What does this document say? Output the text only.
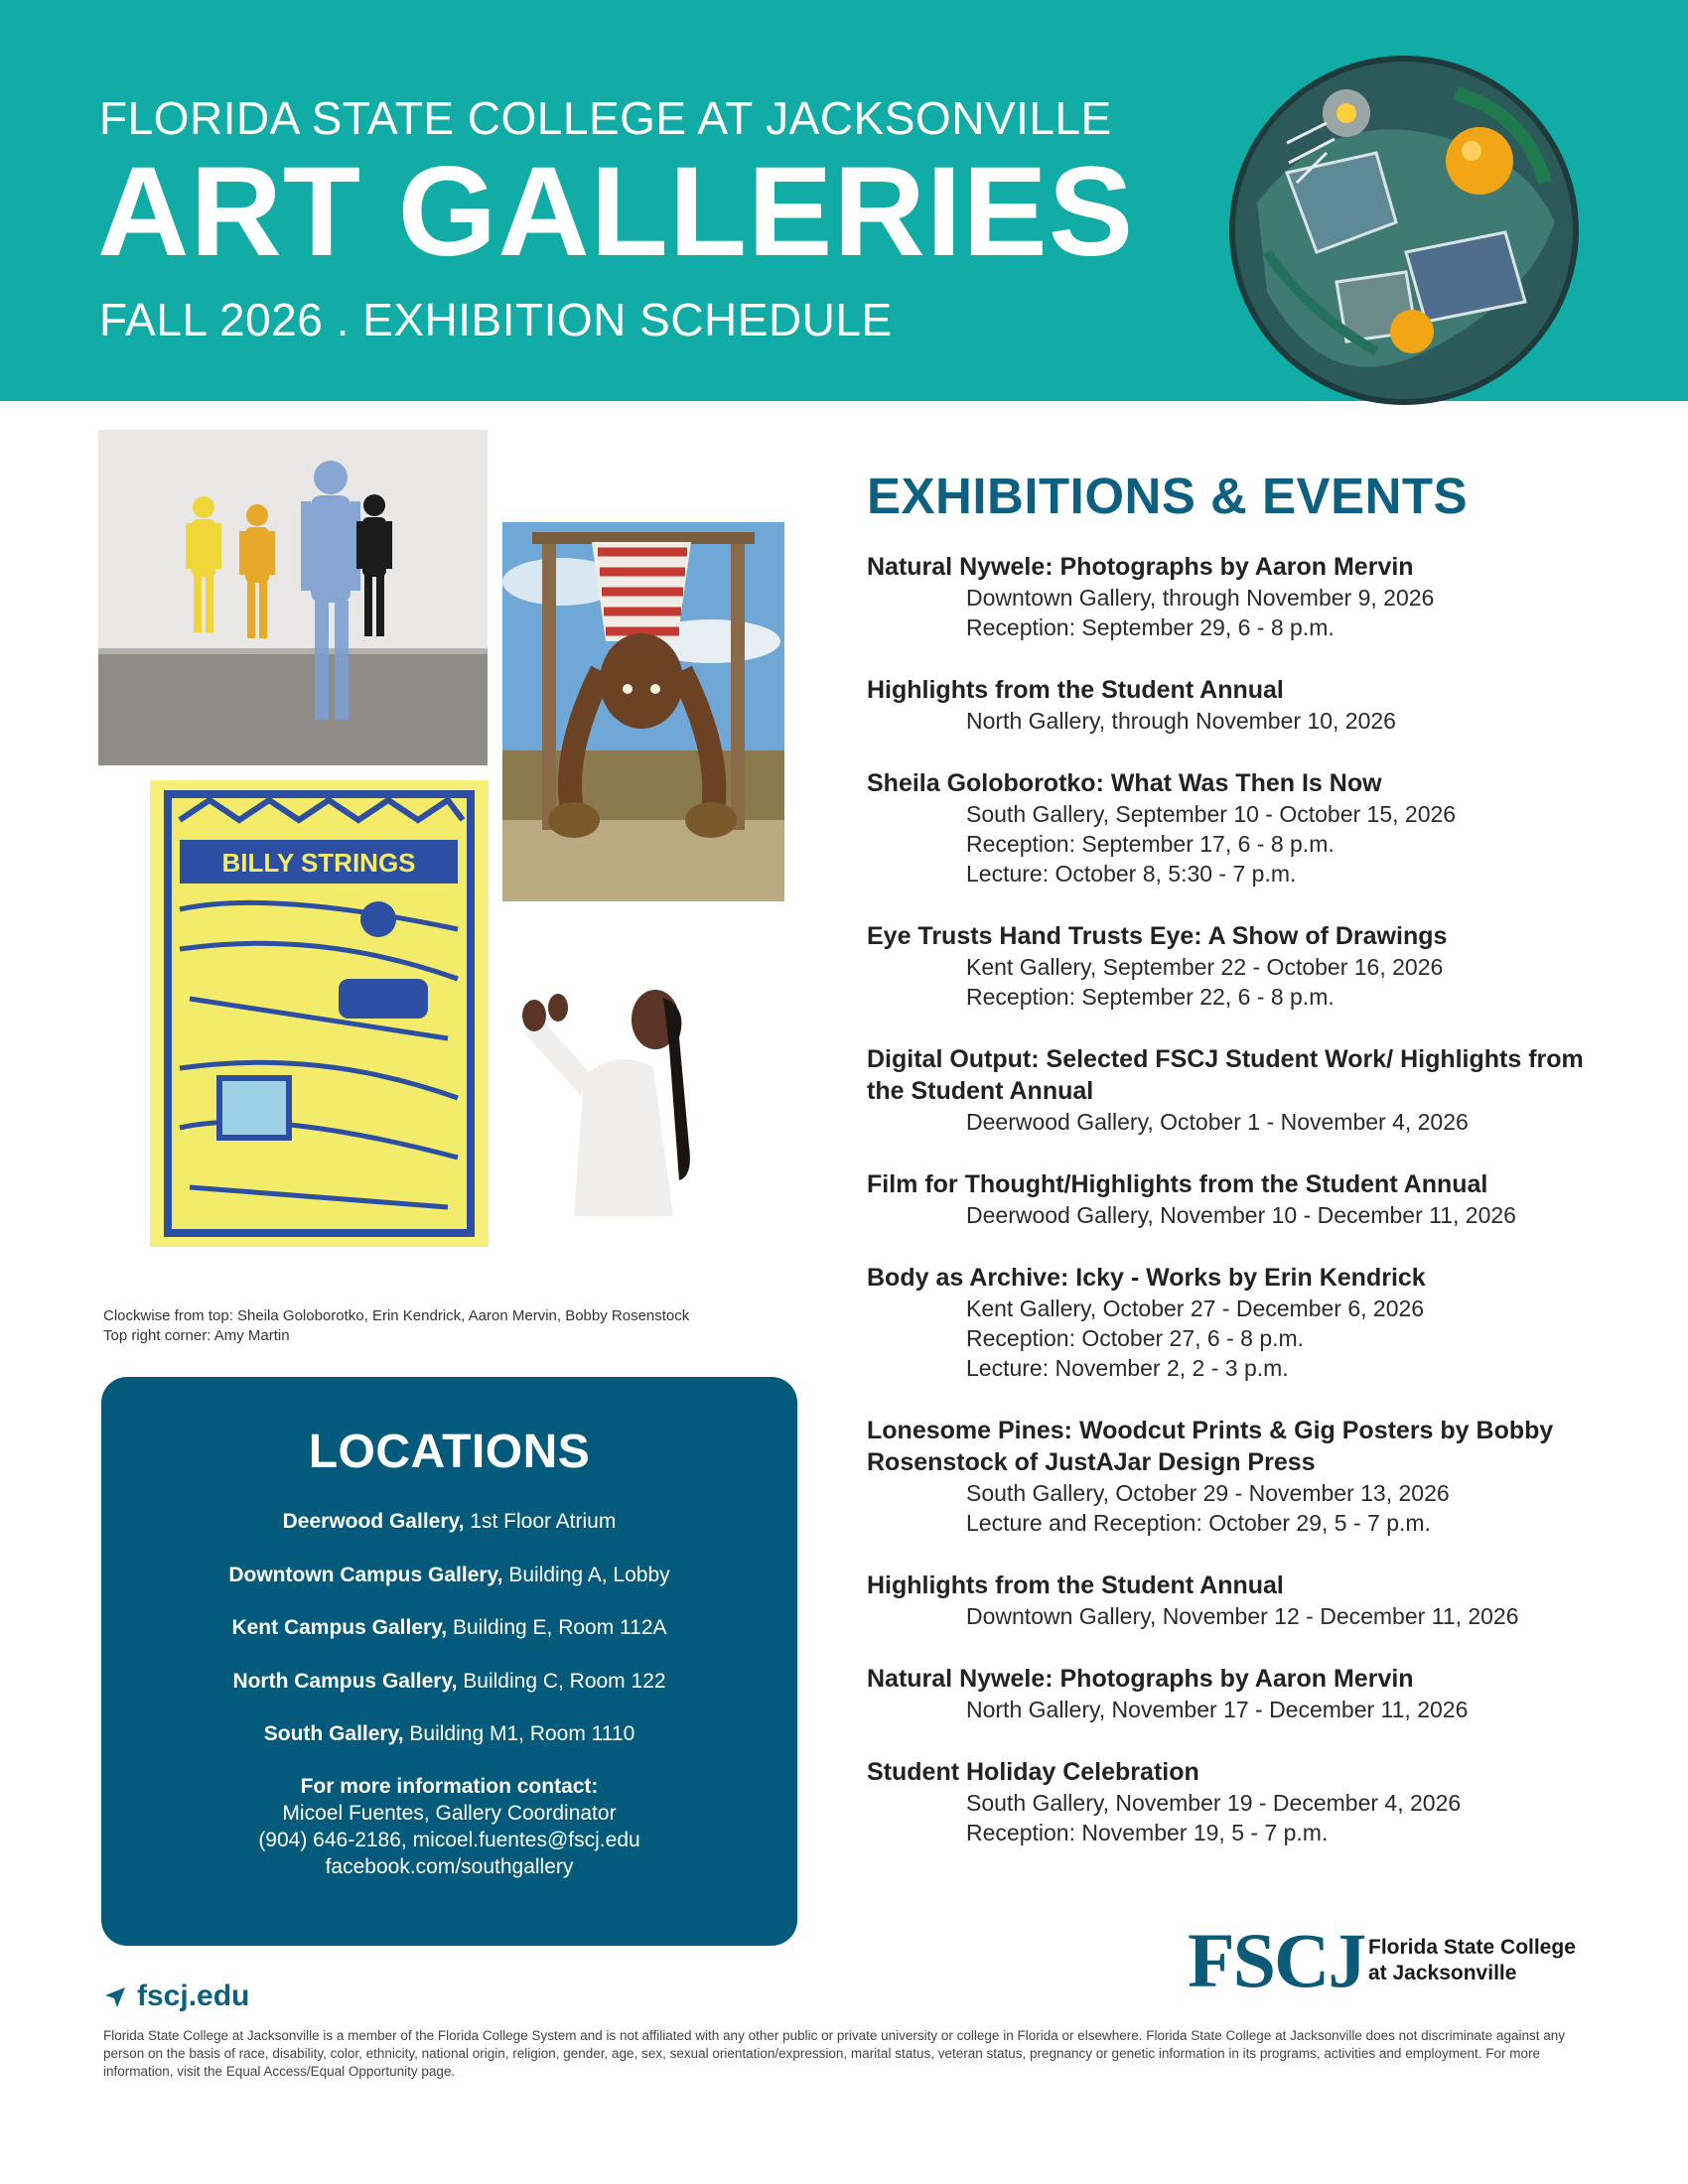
FLORIDA STATE COLLEGE AT JACKSONVILLE
ART GALLERIES
FALL 2026 . EXHIBITION SCHEDULE
BILLY STRINGS
Clockwise from top: Sheila Goloborotko, Erin Kendrick, Aaron Mervin, Bobby Rosenstock
Top right corner: Amy Martin
LOCATIONS
Deerwood Gallery, 1st Floor Atrium
Downtown Campus Gallery, Building A, Lobby
Kent Campus Gallery, Building E, Room 112A
North Campus Gallery, Building C, Room 122
South Gallery, Building M1, Room 1110
For more information contact:
Micoel Fuentes, Gallery Coordinator
(904) 646-2186, micoel.fuentes@fscj.edu
facebook.com/southgallery
EXHIBITIONS & EVENTS
Natural Nywele: Photographs by Aaron Mervin
Downtown Gallery, through November 9, 2026
Reception: September 29, 6 - 8 p.m.
Highlights from the Student Annual
North Gallery, through November 10, 2026
Sheila Goloborotko: What Was Then Is Now
South Gallery, September 10 - October 15, 2026
Reception: September 17, 6 - 8 p.m.
Lecture: October 8, 5:30 - 7 p.m.
Eye Trusts Hand Trusts Eye: A Show of Drawings
Kent Gallery, September 22 - October 16, 2026
Reception: September 22, 6 - 8 p.m.
Digital Output: Selected FSCJ Student Work/ Highlights from the Student Annual
Deerwood Gallery, October 1 - November 4, 2026
Film for Thought/Highlights from the Student Annual
Deerwood Gallery, November 10 - December 11, 2026
Body as Archive: Icky - Works by Erin Kendrick
Kent Gallery, October 27 - December 6, 2026
Reception: October 27, 6 - 8 p.m.
Lecture: November 2, 2 - 3 p.m.
Lonesome Pines: Woodcut Prints & Gig Posters by Bobby Rosenstock of JustAJar Design Press
South Gallery, October 29 - November 13, 2026
Lecture and Reception: October 29, 5 - 7 p.m.
Highlights from the Student Annual
Downtown Gallery, November 12 - December 11, 2026
Natural Nywele: Photographs by Aaron Mervin
North Gallery, November 17 - December 11, 2026
Student Holiday Celebration
South Gallery, November 19 - December 4, 2026
Reception: November 19, 5 - 7 p.m.
FSCJ Florida State College
at Jacksonville
fscj.edu
Florida State College at Jacksonville is a member of the Florida College System and is not affiliated with any other public or private university or college in Florida or elsewhere. Florida State College at Jacksonville does not discriminate against any person on the basis of race, disability, color, ethnicity, national origin, religion, gender, age, sex, sexual orientation/expression, marital status, veteran status, pregnancy or genetic information in its programs, activities and employment. For more information, visit the Equal Access/Equal Opportunity page.
